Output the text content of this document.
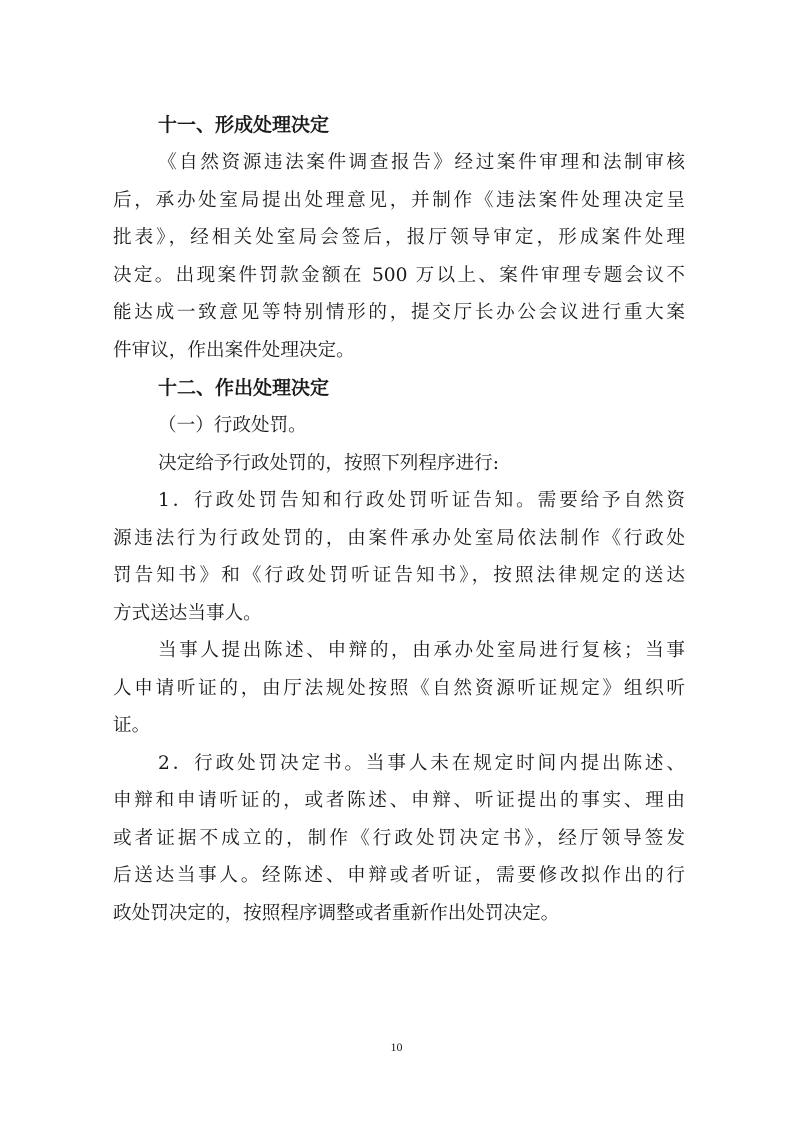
十一、形成处理决定

《自然资源违法案件调查报告》经过案件审理和法制审核
后，承办处室局提出处理意见，并制作《违法案件处理决定呈
批表》，经相关处室局会签后，报厅领导审定，形成案件处理
决定。出现案件罚款金额在 500 万以上、案件审理专题会议不
能达成一致意见等特别情形的，提交厅长办公会议进行重大案
件审议，作出案件处理决定。

十二、作出处理决定

（一）行政处罚。
决定给予行政处罚的，按照下列程序进行:
1．行政处罚告知和行政处罚听证告知。需要给予自然资
源违法行为行政处罚的，由案件承办处室局依法制作《行政处
罚告知书》和《行政处罚听证告知书》，按照法律规定的送达
方式送达当事人。
当事人提出陈述、申辩的，由承办处室局进行复核；当事
人申请听证的，由厅法规处按照《自然资源听证规定》组织听
证。
2．行政处罚决定书。当事人未在规定时间内提出陈述、
申辩和申请听证的，或者陈述、申辩、听证提出的事实、理由
或者证据不成立的，制作《行政处罚决定书》，经厅领导签发
后送达当事人。经陈述、申辩或者听证，需要修改拟作出的行
政处罚决定的，按照程序调整或者重新作出处罚决定。
10
